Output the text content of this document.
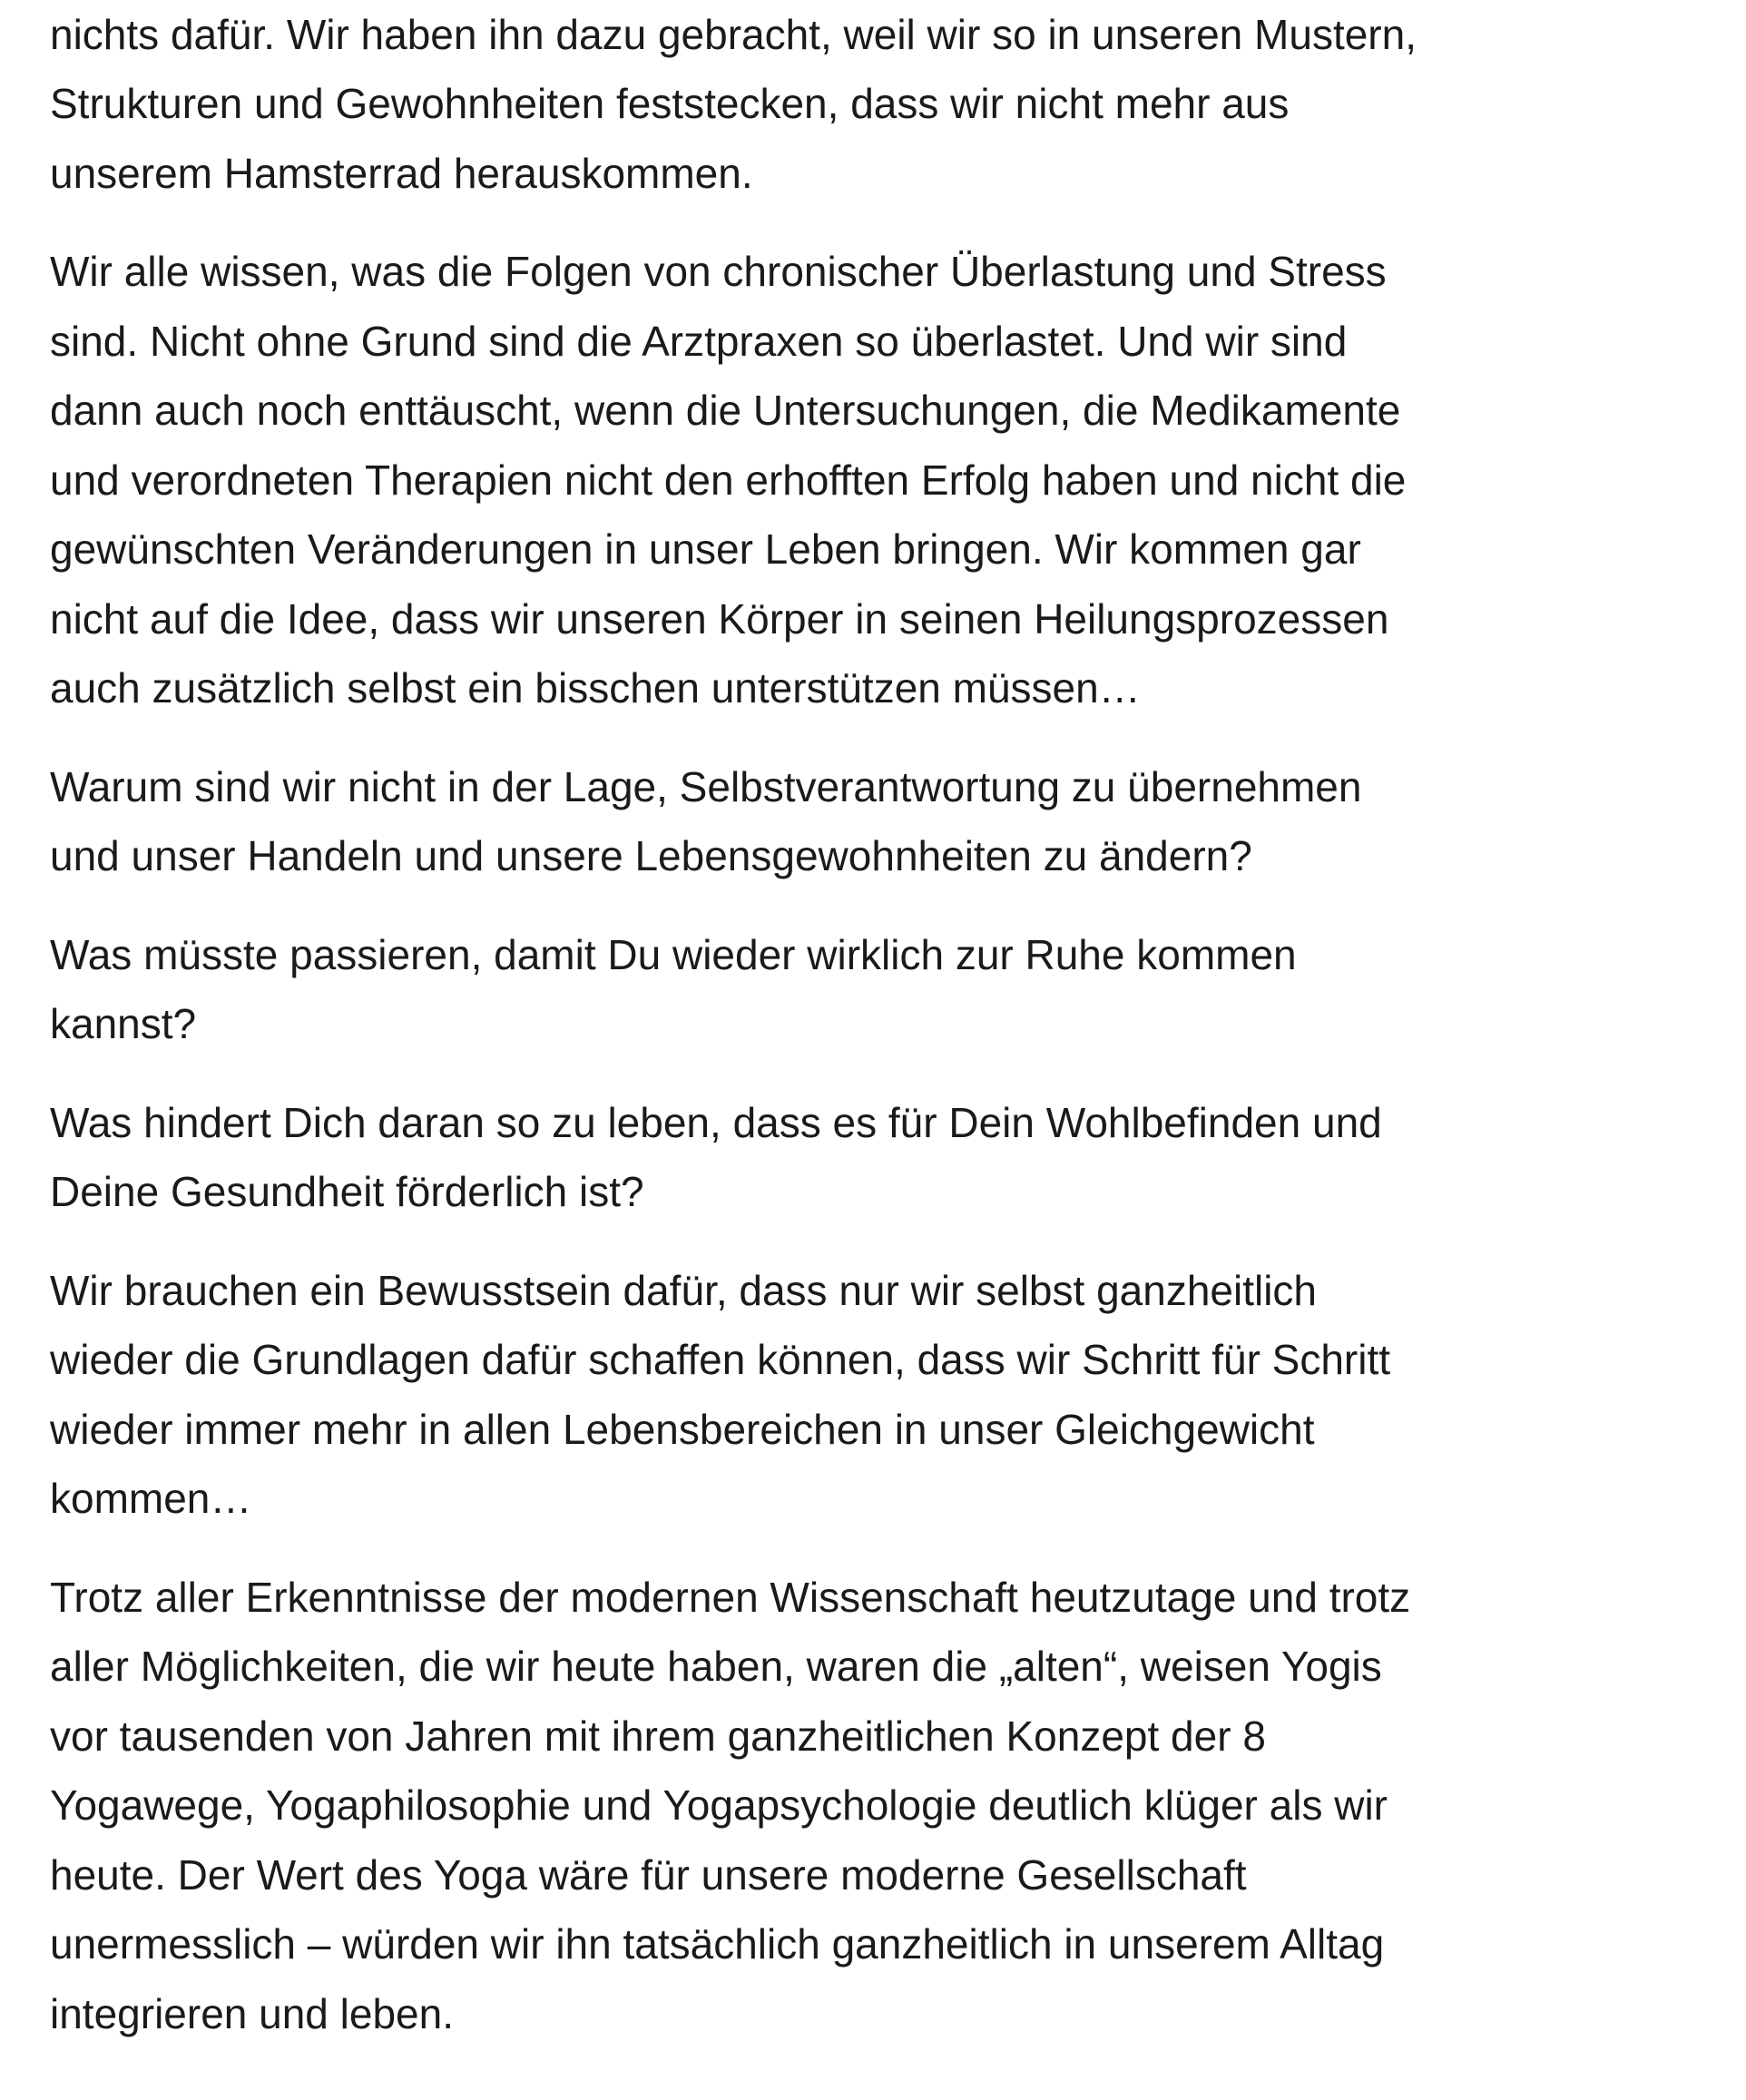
nichts dafür. Wir haben ihn dazu gebracht, weil wir so in unseren Mustern,
Strukturen und Gewohnheiten feststecken, dass wir nicht mehr aus
unserem Hamsterrad herauskommen.

Wir alle wissen, was die Folgen von chronischer Überlastung und Stress
sind. Nicht ohne Grund sind die Arztpraxen so überlastet. Und wir sind
dann auch noch enttäuscht, wenn die Untersuchungen, die Medikamente
und verordneten Therapien nicht den erhofften Erfolg haben und nicht die
gewünschten Veränderungen in unser Leben bringen. Wir kommen gar
nicht auf die Idee, dass wir unseren Körper in seinen Heilungsprozessen
auch zusätzlich selbst ein bisschen unterstützen müssen…

Warum sind wir nicht in der Lage, Selbstverantwortung zu übernehmen
und unser Handeln und unsere Lebensgewohnheiten zu ändern?

Was müsste passieren, damit Du wieder wirklich zur Ruhe kommen
kannst?

Was hindert Dich daran so zu leben, dass es für Dein Wohlbefinden und
Deine Gesundheit förderlich ist?

Wir brauchen ein Bewusstsein dafür, dass nur wir selbst ganzheitlich
wieder die Grundlagen dafür schaffen können, dass wir Schritt für Schritt
wieder immer mehr in allen Lebensbereichen in unser Gleichgewicht
kommen…

Trotz aller Erkenntnisse der modernen Wissenschaft heutzutage und trotz
aller Möglichkeiten, die wir heute haben, waren die „alten“, weisen Yogis
vor tausenden von Jahren mit ihrem ganzheitlichen Konzept der 8
Yogawege, Yogaphilosophie und Yogapsychologie deutlich klüger als wir
heute. Der Wert des Yoga wäre für unsere moderne Gesellschaft
unermesslich – würden wir ihn tatsächlich ganzheitlich in unserem Alltag
integrieren und leben.
